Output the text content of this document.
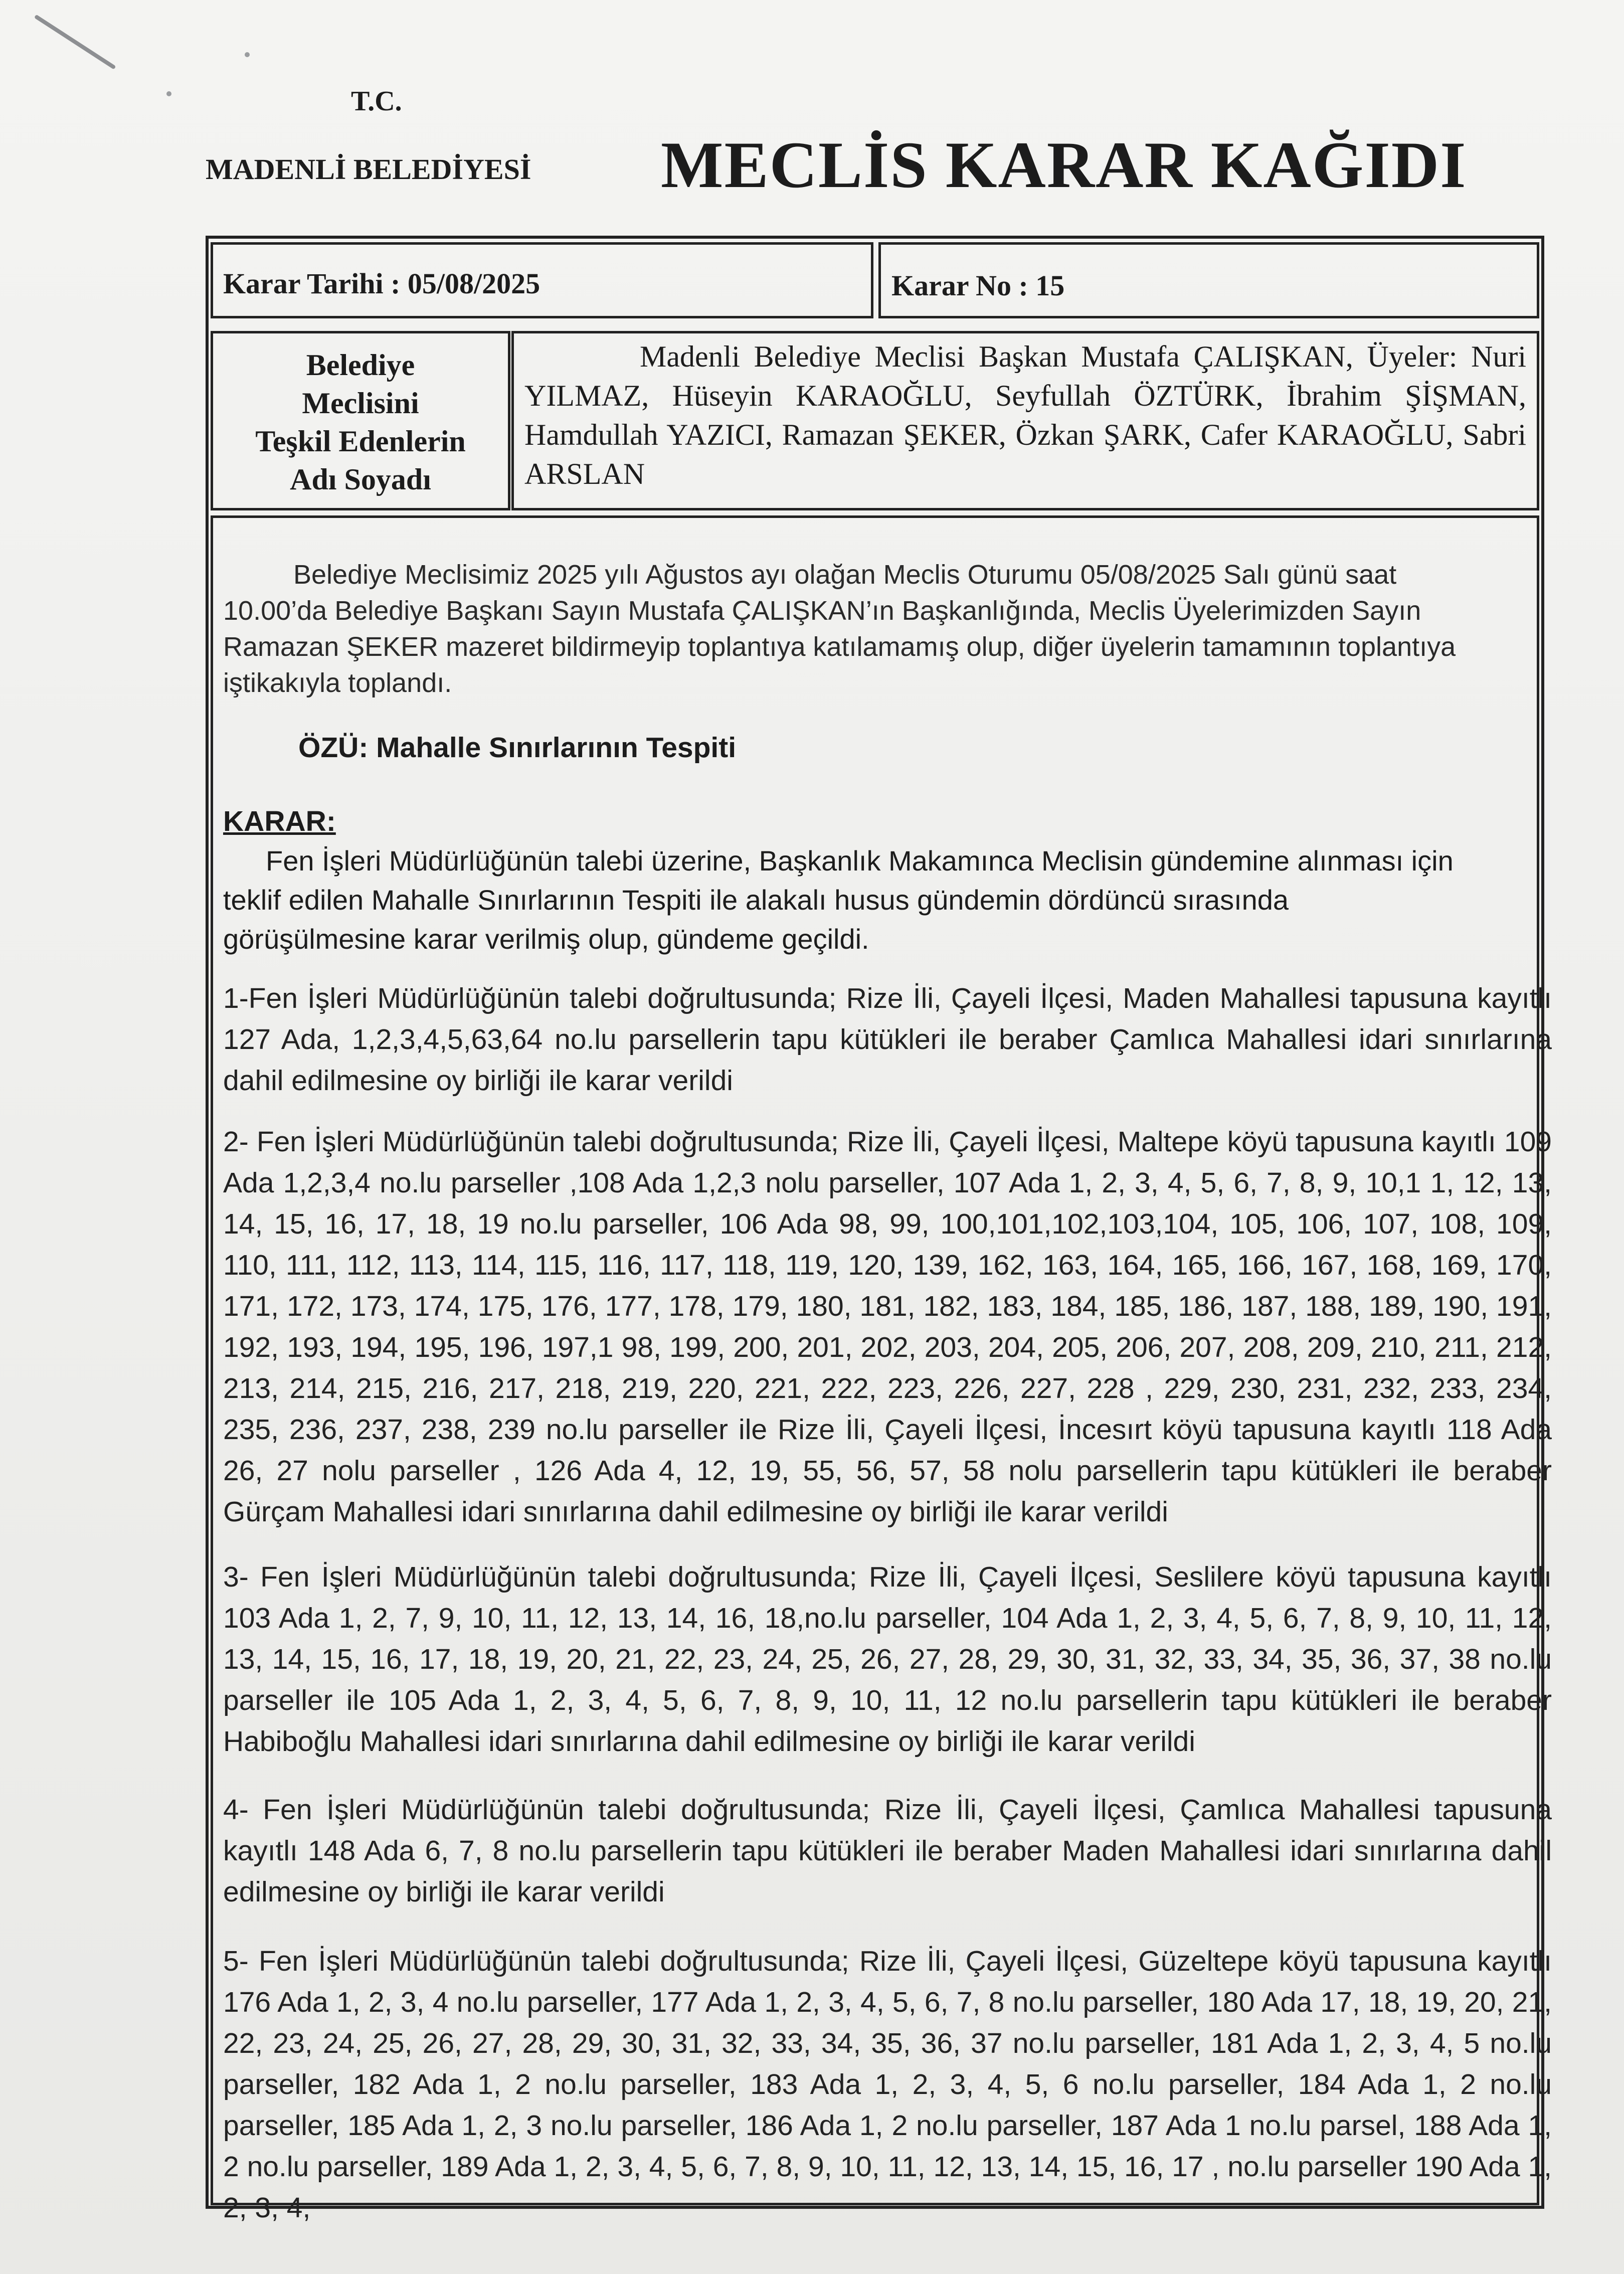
T.C.
MADENLİ BELEDİYESİ MECLİS KARAR KAĞIDI
Karar Tarihi : 05/08/2025	Karar No : 15
Belediye
Meclisini
Teşkil Edenlerin
Adı Soyadı
Madenli Belediye Meclisi Başkan Mustafa ÇALIŞKAN, Üyeler: Nuri YILMAZ, Hüseyin KARAOĞLU, Seyfullah ÖZTÜRK, İbrahim ŞİŞMAN, Hamdullah YAZICI, Ramazan ŞEKER, Özkan ŞARK, Cafer KARAOĞLU, Sabri ARSLAN
Belediye Meclisimiz 2025 yılı Ağustos ayı olağan Meclis Oturumu 05/08/2025 Salı günü saat 10.00’da Belediye Başkanı Sayın Mustafa ÇALIŞKAN’ın Başkanlığında, Meclis Üyelerimizden Sayın Ramazan ŞEKER mazeret bildirmeyip toplantıya katılamamış olup, diğer üyelerin tamamının toplantıya iştikakıyla toplandı.
ÖZÜ: Mahalle Sınırlarının Tespiti
KARAR:
Fen İşleri Müdürlüğünün talebi üzerine, Başkanlık Makamınca Meclisin gündemine alınması için teklif edilen Mahalle Sınırlarının Tespiti ile alakalı husus gündemin dördüncü sırasında görüşülmesine karar verilmiş olup, gündeme geçildi.
1-Fen İşleri Müdürlüğünün talebi doğrultusunda; Rize İli, Çayeli İlçesi, Maden Mahallesi tapusuna kayıtlı 127 Ada, 1,2,3,4,5,63,64 no.lu parsellerin tapu kütükleri ile beraber Çamlıca Mahallesi idari sınırlarına dahil edilmesine oy birliği ile karar verildi
2- Fen İşleri Müdürlüğünün talebi doğrultusunda; Rize İli, Çayeli İlçesi, Maltepe köyü tapusuna kayıtlı 109 Ada 1,2,3,4 no.lu parseller ,108 Ada 1,2,3 nolu parseller, 107 Ada 1, 2, 3, 4, 5, 6, 7, 8, 9, 10,1 1, 12, 13, 14, 15, 16, 17, 18, 19 no.lu parseller, 106 Ada 98, 99, 100,101,102,103,104, 105, 106, 107, 108, 109, 110, 111, 112, 113, 114, 115, 116, 117, 118, 119, 120, 139, 162, 163, 164, 165, 166, 167, 168, 169, 170, 171, 172, 173, 174, 175, 176, 177, 178, 179, 180, 181, 182, 183, 184, 185, 186, 187, 188, 189, 190, 191, 192, 193, 194, 195, 196, 197,1 98, 199, 200, 201, 202, 203, 204, 205, 206, 207, 208, 209, 210, 211, 212, 213, 214, 215, 216, 217, 218, 219, 220, 221, 222, 223, 226, 227, 228 , 229, 230, 231, 232, 233, 234, 235, 236, 237, 238, 239 no.lu parseller ile Rize İli, Çayeli İlçesi, İncesırt köyü tapusuna kayıtlı 118 Ada 26, 27 nolu parseller , 126 Ada 4, 12, 19, 55, 56, 57, 58 nolu parsellerin tapu kütükleri ile beraber Gürçam Mahallesi idari sınırlarına dahil edilmesine oy birliği ile karar verildi
3- Fen İşleri Müdürlüğünün talebi doğrultusunda; Rize İli, Çayeli İlçesi, Seslilere köyü tapusuna kayıtlı 103 Ada 1, 2, 7, 9, 10, 11, 12, 13, 14, 16, 18,no.lu parseller, 104 Ada 1, 2, 3, 4, 5, 6, 7, 8, 9, 10, 11, 12, 13, 14, 15, 16, 17, 18, 19, 20, 21, 22, 23, 24, 25, 26, 27, 28, 29, 30, 31, 32, 33, 34, 35, 36, 37, 38 no.lu parseller ile 105 Ada 1, 2, 3, 4, 5, 6, 7, 8, 9, 10, 11, 12 no.lu parsellerin tapu kütükleri ile beraber Habiboğlu Mahallesi idari sınırlarına dahil edilmesine oy birliği ile karar verildi
4- Fen İşleri Müdürlüğünün talebi doğrultusunda; Rize İli, Çayeli İlçesi, Çamlıca Mahallesi tapusuna kayıtlı 148 Ada 6, 7, 8 no.lu parsellerin tapu kütükleri ile beraber Maden Mahallesi idari sınırlarına dahil edilmesine oy birliği ile karar verildi
5- Fen İşleri Müdürlüğünün talebi doğrultusunda; Rize İli, Çayeli İlçesi, Güzeltepe köyü tapusuna kayıtlı 176 Ada 1, 2, 3, 4 no.lu parseller, 177 Ada 1, 2, 3, 4, 5, 6, 7, 8 no.lu parseller, 180 Ada 17, 18, 19, 20, 21, 22, 23, 24, 25, 26, 27, 28, 29, 30, 31, 32, 33, 34, 35, 36, 37 no.lu parseller, 181 Ada 1, 2, 3, 4, 5 no.lu parseller, 182 Ada 1, 2 no.lu parseller, 183 Ada 1, 2, 3, 4, 5, 6 no.lu parseller, 184 Ada 1, 2 no.lu parseller, 185 Ada 1, 2, 3 no.lu parseller, 186 Ada 1, 2 no.lu parseller, 187 Ada 1 no.lu parsel, 188 Ada 1, 2 no.lu parseller, 189 Ada 1, 2, 3, 4, 5, 6, 7, 8, 9, 10, 11, 12, 13, 14, 15, 16, 17 , no.lu parseller 190 Ada 1, 2, 3, 4,
